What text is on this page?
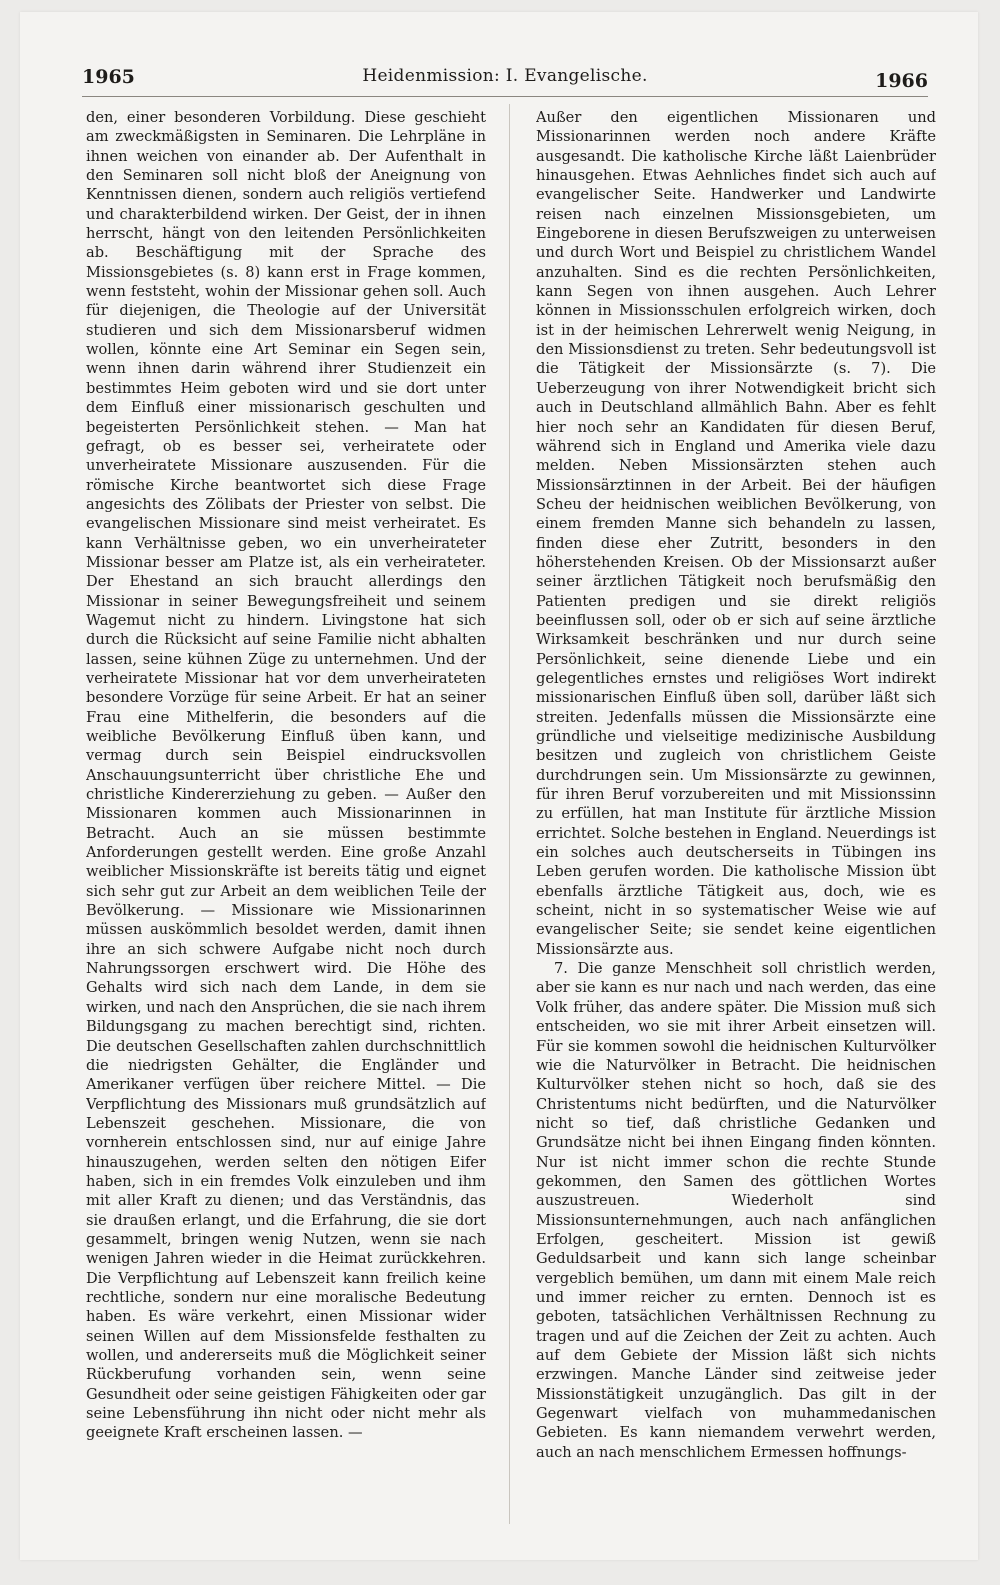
1965	Heidenmission: I. Evangelische.	1966

den, einer besonderen Vorbildung. Diese geschieht am zweckmäßigsten in Seminaren. Die Lehrpläne in ihnen weichen von einander ab. Der Aufenthalt in den Seminaren soll nicht bloß der Aneignung von Kenntnissen dienen, sondern auch religiös vertiefend und charakterbildend wirken. Der Geist, der in ihnen herrscht, hängt von den leitenden Persönlichkeiten ab. Beschäftigung mit der Sprache des Missionsgebietes (s. 8) kann erst in Frage kommen, wenn feststeht, wohin der Missionar gehen soll. Auch für diejenigen, die Theologie auf der Universität studieren und sich dem Missionarsberuf widmen wollen, könnte eine Art Seminar ein Segen sein, wenn ihnen darin während ihrer Studienzeit ein bestimmtes Heim geboten wird und sie dort unter dem Einfluß einer missionarisch geschulten und begeisterten Persönlichkeit stehen. — Man hat gefragt, ob es besser sei, verheiratete oder unverheiratete Missionare auszusenden. Für die römische Kirche beantwortet sich diese Frage angesichts des Zölibats der Priester von selbst. Die evangelischen Missionare sind meist verheiratet. Es kann Verhältnisse geben, wo ein unverheirateter Missionar besser am Platze ist, als ein verheirateter. Der Ehestand an sich braucht allerdings den Missionar in seiner Bewegungsfreiheit und seinem Wagemut nicht zu hindern. Livingstone hat sich durch die Rücksicht auf seine Familie nicht abhalten lassen, seine kühnen Züge zu unternehmen. Und der verheiratete Missionar hat vor dem unverheirateten besondere Vorzüge für seine Arbeit. Er hat an seiner Frau eine Mithelferin, die besonders auf die weibliche Bevölkerung Einfluß üben kann, und vermag durch sein Beispiel eindrucksvollen Anschauungsunterricht über christliche Ehe und christliche Kindererziehung zu geben. — Außer den Missionaren kommen auch Missionarinnen in Betracht. Auch an sie müssen bestimmte Anforderungen gestellt werden. Eine große Anzahl weiblicher Missionskräfte ist bereits tätig und eignet sich sehr gut zur Arbeit an dem weiblichen Teile der Bevölkerung. — Missionare wie Missionarinnen müssen auskömmlich besoldet werden, damit ihnen ihre an sich schwere Aufgabe nicht noch durch Nahrungssorgen erschwert wird. Die Höhe des Gehalts wird sich nach dem Lande, in dem sie wirken, und nach den Ansprüchen, die sie nach ihrem Bildungsgang zu machen berechtigt sind, richten. Die deutschen Gesellschaften zahlen durchschnittlich die niedrigsten Gehälter, die Engländer und Amerikaner verfügen über reichere Mittel. — Die Verpflichtung des Missionars muß grundsätzlich auf Lebenszeit geschehen. Missionare, die von vornherein entschlossen sind, nur auf einige Jahre hinauszugehen, werden selten den nötigen Eifer haben, sich in ein fremdes Volk einzuleben und ihm mit aller Kraft zu dienen; und das Verständnis, das sie draußen erlangt, und die Erfahrung, die sie dort gesammelt, bringen wenig Nutzen, wenn sie nach wenigen Jahren wieder in die Heimat zurückkehren. Die Verpflichtung auf Lebenszeit kann freilich keine rechtliche, sondern nur eine moralische Bedeutung haben. Es wäre verkehrt, einen Missionar wider seinen Willen auf dem Missionsfelde festhalten zu wollen, und andererseits muß die Möglichkeit seiner Rückberufung vorhanden sein, wenn seine Gesundheit oder seine geistigen Fähigkeiten oder gar seine Lebensführung ihn nicht oder nicht mehr als geeignete Kraft erscheinen lassen. —

Außer den eigentlichen Missionaren und Missionarinnen werden noch andere Kräfte ausgesandt. Die katholische Kirche läßt Laienbrüder hinausgehen. Etwas Aehnliches findet sich auch auf evangelischer Seite. Handwerker und Landwirte reisen nach einzelnen Missionsgebieten, um Eingeborene in diesen Berufszweigen zu unterweisen und durch Wort und Beispiel zu christlichem Wandel anzuhalten. Sind es die rechten Persönlichkeiten, kann Segen von ihnen ausgehen. Auch Lehrer können in Missionsschulen erfolgreich wirken, doch ist in der heimischen Lehrerwelt wenig Neigung, in den Missionsdienst zu treten. Sehr bedeutungsvoll ist die Tätigkeit der Missionsärzte (s. 7). Die Ueberzeugung von ihrer Notwendigkeit bricht sich auch in Deutschland allmählich Bahn. Aber es fehlt hier noch sehr an Kandidaten für diesen Beruf, während sich in England und Amerika viele dazu melden. Neben Missionsärzten stehen auch Missionsärztinnen in der Arbeit. Bei der häufigen Scheu der heidnischen weiblichen Bevölkerung, von einem fremden Manne sich behandeln zu lassen, finden diese eher Zutritt, besonders in den höherstehenden Kreisen. Ob der Missionsarzt außer seiner ärztlichen Tätigkeit noch berufsmäßig den Patienten predigen und sie direkt religiös beeinflussen soll, oder ob er sich auf seine ärztliche Wirksamkeit beschränken und nur durch seine Persönlichkeit, seine dienende Liebe und ein gelegentliches ernstes und religiöses Wort indirekt missionarischen Einfluß üben soll, darüber läßt sich streiten. Jedenfalls müssen die Missionsärzte eine gründliche und vielseitige medizinische Ausbildung besitzen und zugleich von christlichem Geiste durchdrungen sein. Um Missionsärzte zu gewinnen, für ihren Beruf vorzubereiten und mit Missionssinn zu erfüllen, hat man Institute für ärztliche Mission errichtet. Solche bestehen in England. Neuerdings ist ein solches auch deutscherseits in Tübingen ins Leben gerufen worden. Die katholische Mission übt ebenfalls ärztliche Tätigkeit aus, doch, wie es scheint, nicht in so systematischer Weise wie auf evangelischer Seite; sie sendet keine eigentlichen Missionsärzte aus.

7. Die ganze Menschheit soll christlich werden, aber sie kann es nur nach und nach werden, das eine Volk früher, das andere später. Die Mission muß sich entscheiden, wo sie mit ihrer Arbeit einsetzen will. Für sie kommen sowohl die heidnischen Kulturvölker wie die Naturvölker in Betracht. Die heidnischen Kulturvölker stehen nicht so hoch, daß sie des Christentums nicht bedürften, und die Naturvölker nicht so tief, daß christliche Gedanken und Grundsätze nicht bei ihnen Eingang finden könnten. Nur ist nicht immer schon die rechte Stunde gekommen, den Samen des göttlichen Wortes auszustreuen. Wiederholt sind Missionsunternehmungen, auch nach anfänglichen Erfolgen, gescheitert. Mission ist gewiß Geduldsarbeit und kann sich lange scheinbar vergeblich bemühen, um dann mit einem Male reich und immer reicher zu ernten. Dennoch ist es geboten, tatsächlichen Verhältnissen Rechnung zu tragen und auf die Zeichen der Zeit zu achten. Auch auf dem Gebiete der Mission läßt sich nichts erzwingen. Manche Länder sind zeitweise jeder Missionstätigkeit unzugänglich. Das gilt in der Gegenwart vielfach von muhammedanischen Gebieten. Es kann niemandem verwehrt werden, auch an nach menschlichem Ermessen hoffnungs-
